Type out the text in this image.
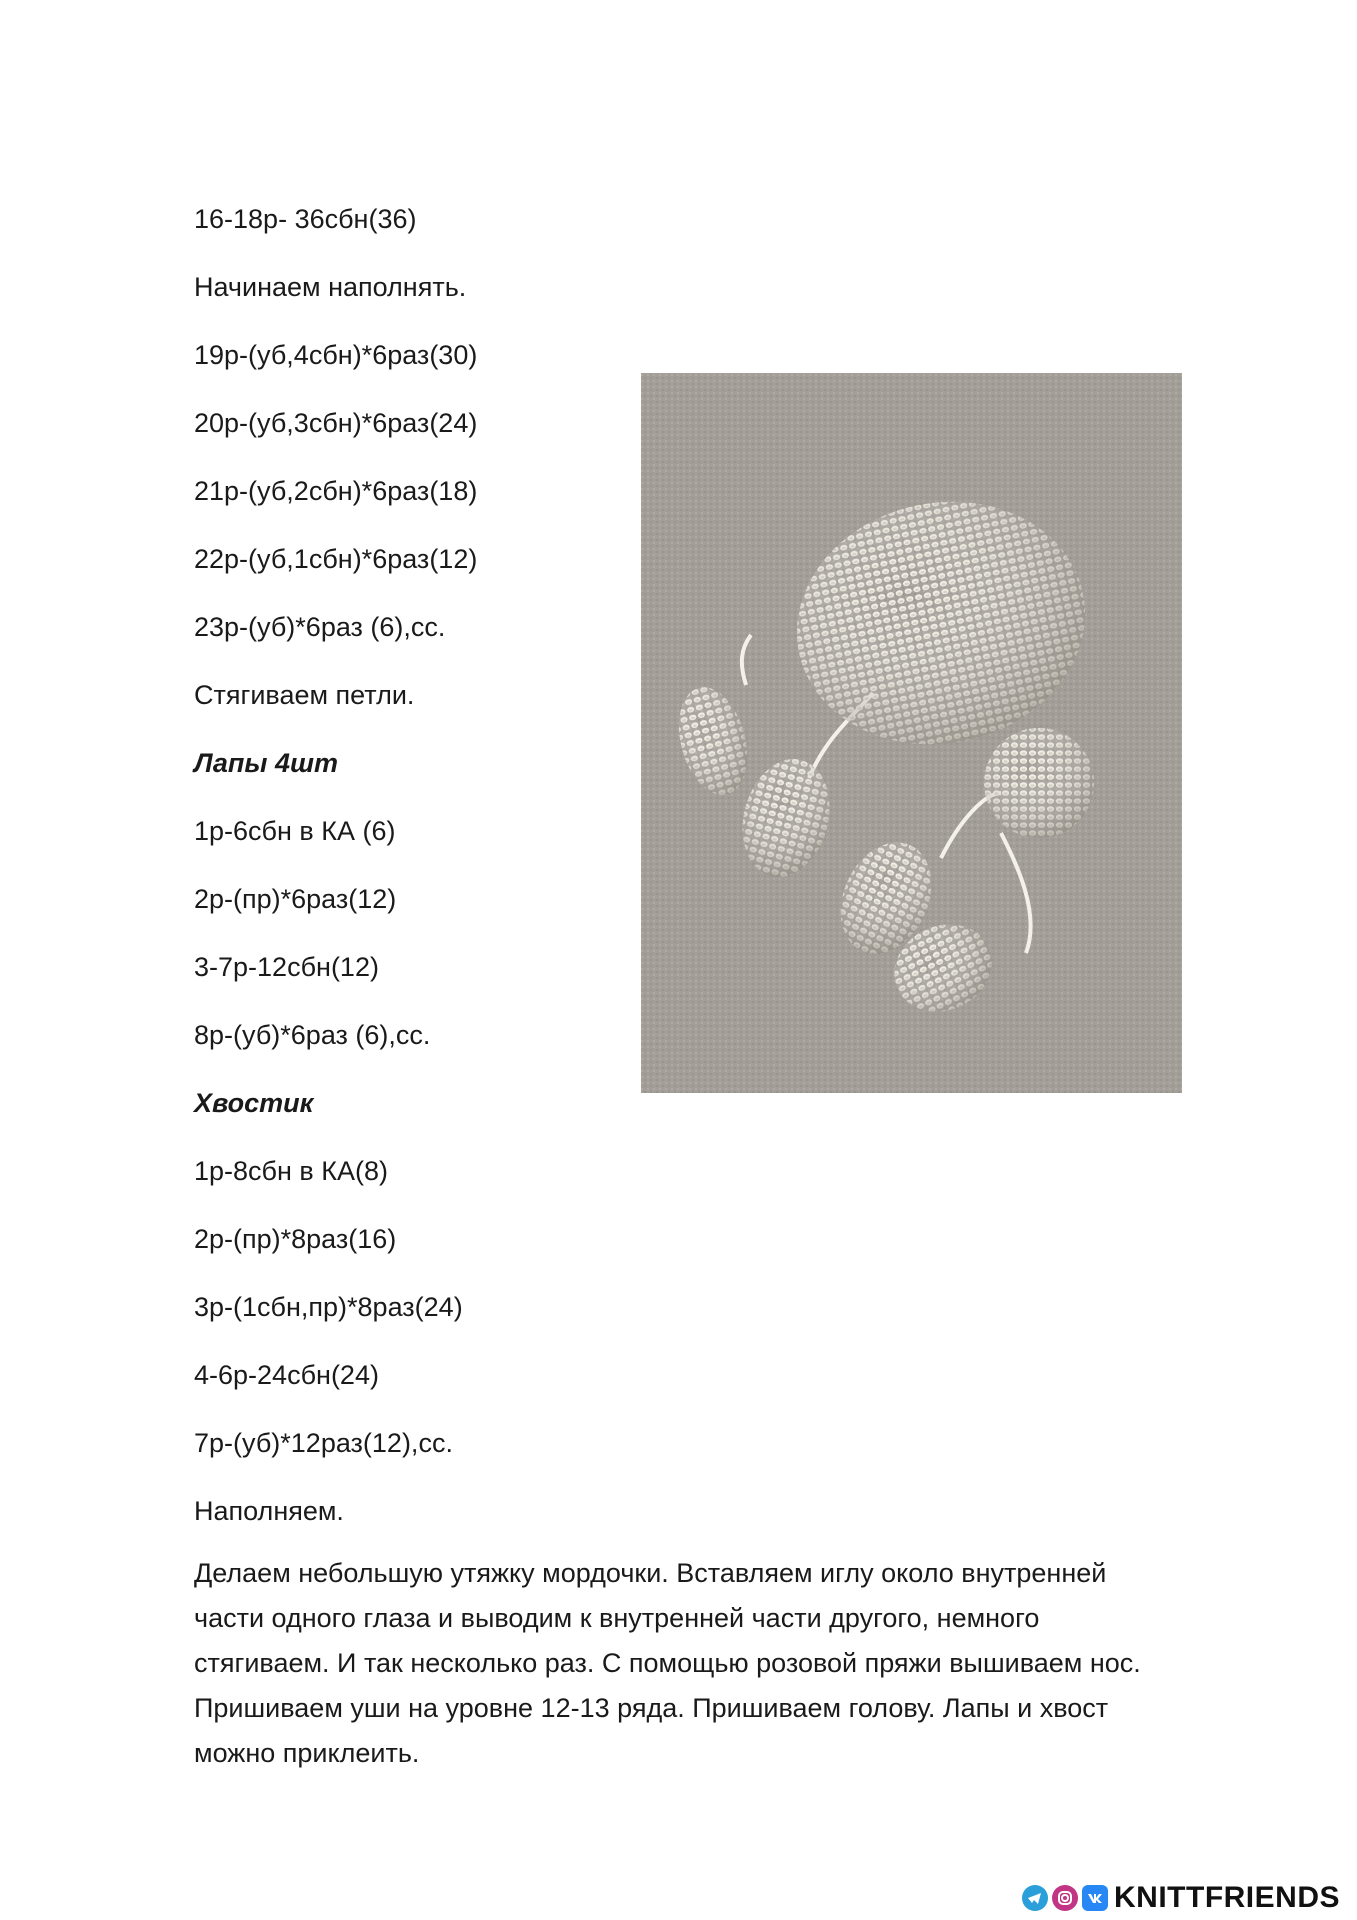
16-18р- 36сбн(36)
Начинаем наполнять.
19р-(уб,4сбн)*6раз(30)
20р-(уб,3сбн)*6раз(24)
21р-(уб,2сбн)*6раз(18)
22р-(уб,1сбн)*6раз(12)
23р-(уб)*6раз (6),сс.
Стягиваем петли.
Лапы 4шт
1р-6сбн в КА (6)
2р-(пр)*6раз(12)
3-7р-12сбн(12)
8р-(уб)*6раз (6),сс.
Хвостик
1р-8сбн в КА(8)
2р-(пр)*8раз(16)
3р-(1сбн,пр)*8раз(24)
4-6р-24сбн(24)
7р-(уб)*12раз(12),сс.
Наполняем.
Делаем небольшую утяжку мордочки. Вставляем иглу около внутренней
части одного глаза и выводим к внутренней части другого, немного
стягиваем. И так несколько раз. С помощью розовой пряжи вышиваем нос.
Пришиваем уши на уровне 12-13 ряда. Пришиваем голову. Лапы и хвост
можно приклеить.
KNITTFRIENDS
